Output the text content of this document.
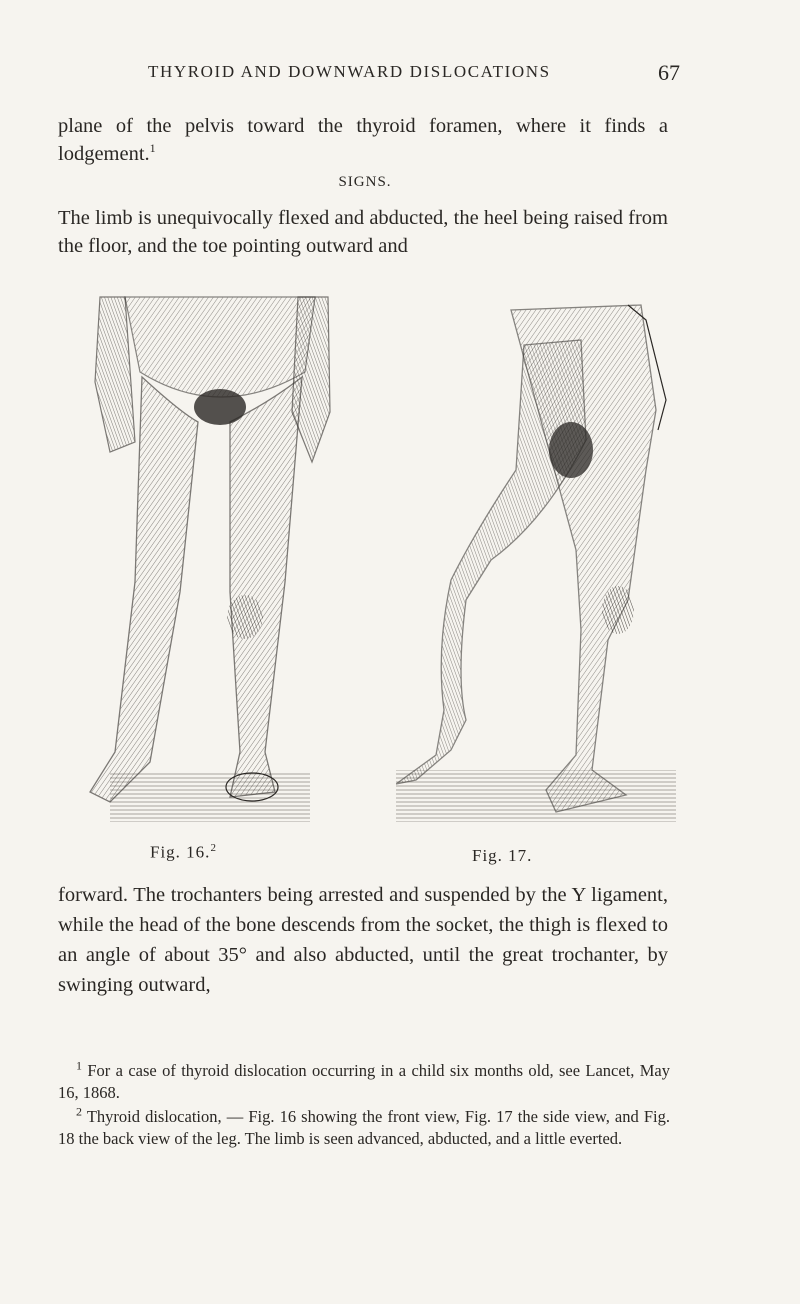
THYROID AND DOWNWARD DISLOCATIONS	67
plane of the pelvis toward the thyroid foramen, where it finds a lodgement.$^1$
SIGNS.
The limb is unequivocally flexed and abducted, the heel being raised from the floor, and the toe pointing outward and
Fig. 16.$^2$	Fig. 17.
forward. The trochanters being arrested and suspended by the Y ligament, while the head of the bone descends from the socket, the thigh is flexed to an angle of about 35° and also abducted, until the great trochanter, by swinging outward,
$^1$ For a case of thyroid dislocation occurring in a child six months old, see Lancet, May 16, 1868.
$^2$ Thyroid dislocation, — Fig. 16 showing the front view, Fig. 17 the side view, and Fig. 18 the back view of the leg. The limb is seen advanced, abducted, and a little everted.
